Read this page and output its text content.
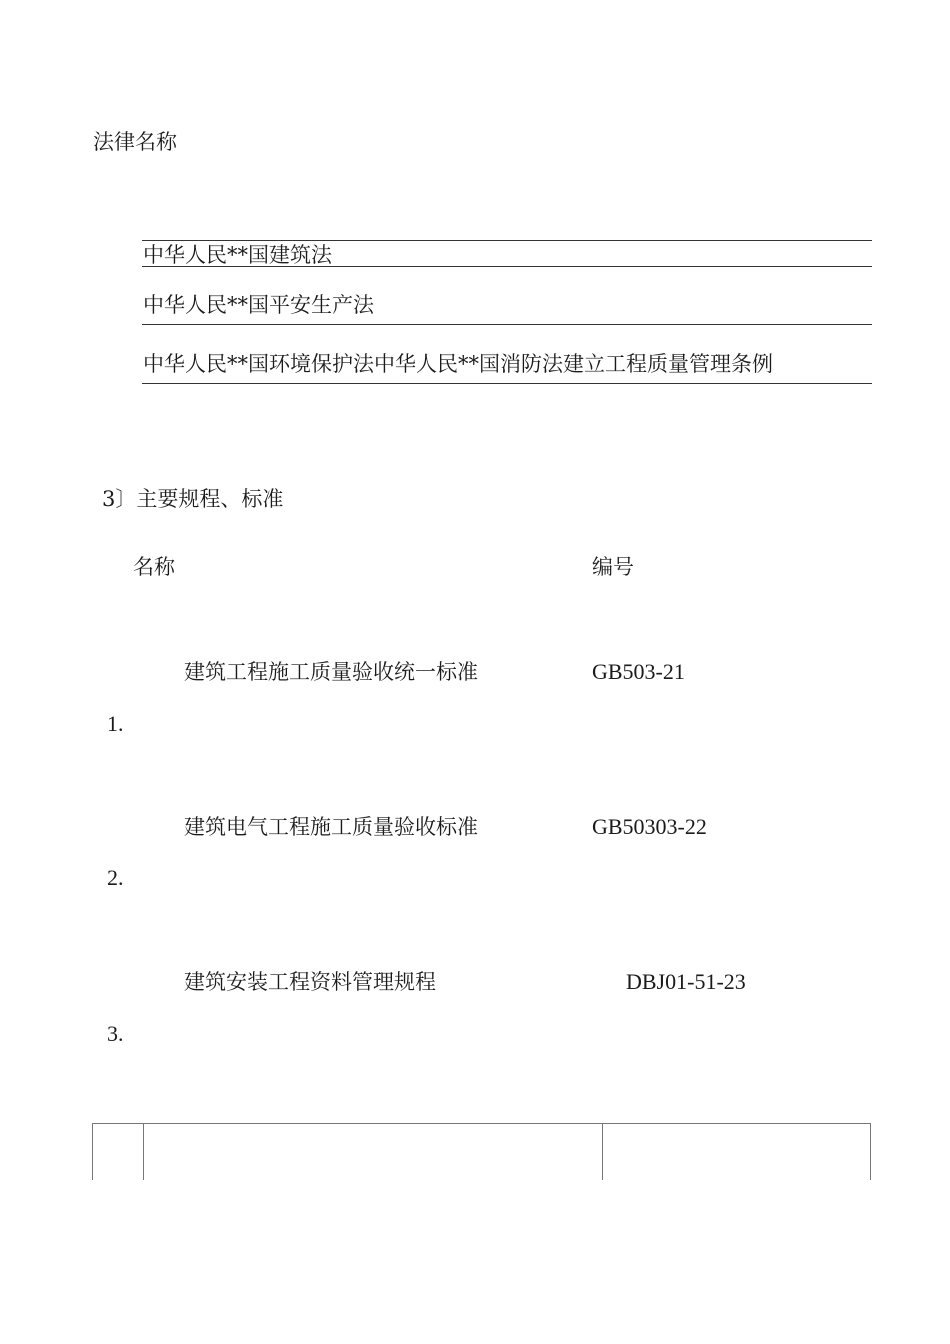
法律名称
中华人民**国建筑法
中华人民**国平安生产法
中华人民**国环境保护法中华人民**国消防法建立工程质量管理条例
3〕主要规程、标准
名称	编号
建筑工程施工质量验收统一标准	GB503-21
1.
建筑电气工程施工质量验收标准	GB50303-22
2.
建筑安装工程资料管理规程	DBJ01-51-23
3.
